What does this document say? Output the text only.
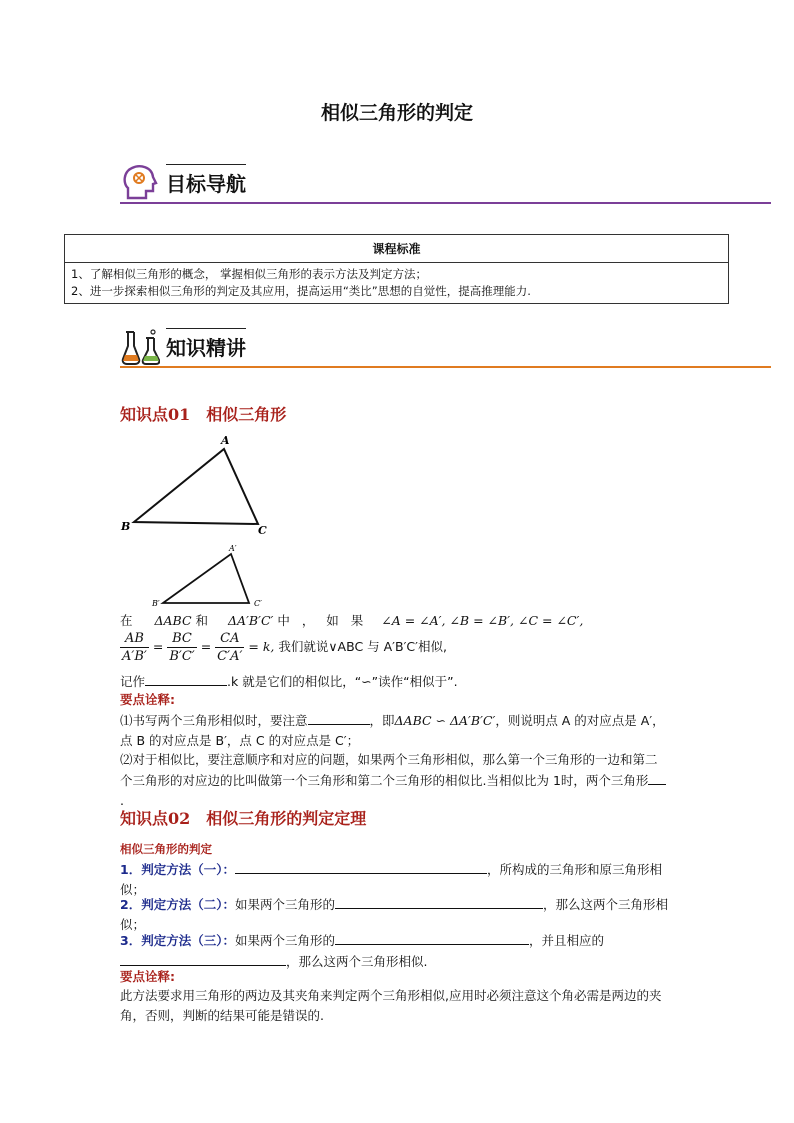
相似三角形的判定
目标导航
课程标准

1、了解相似三角形的概念， 掌握相似三角形的表示方法及判定方法；
2、进一步探索相似三角形的判定及其应用，提高运用“类比”思想的自觉性，提高推理能力.
知识精讲
知识点01　相似三角形
A
B	C
A′
B′	C′
在 ΔABC 和 ΔA′B′C′ 中 ， 如 果 ∠A = ∠A′, ∠B = ∠B′, ∠C = ∠C′,
$\frac{AB}{A'B'} = \frac{BC}{B'C'} = \frac{CA}{C'A'} = k$, 我们就说∨ABC 与 A′B′C′相似,
记作	.k 就是它们的相似比，“∽”读作“相似于”.
要点诠释:
⑴书写两个三角形相似时，要注意	，即ΔABC ∽ ΔA′B′C′，则说明点 A 的对应点是 A′，点 B 的对应点是 B′，点 C 的对应点是 C′；
⑵对于相似比，要注意顺序和对应的问题，如果两个三角形相似，那么第一个三角形的一边和第二个三角形的对应边的比叫做第一个三角形和第二个三角形的相似比.当相似比为 1时，两个三角形.
知识点02　相似三角形的判定定理
相似三角形的判定
1．判定方法（一）：	，所构成的三角形和原三角形相似；
2．判定方法（二）：如果两个三角形的	，那么这两个三角形相似；
3．判定方法（三）：如果两个三角形的	，并且相应的，那么这两个三角形相似.
要点诠释:
此方法要求用三角形的两边及其夹角来判定两个三角形相似,应用时必须注意这个角必需是两边的夹角，否则，判断的结果可能是错误的.
